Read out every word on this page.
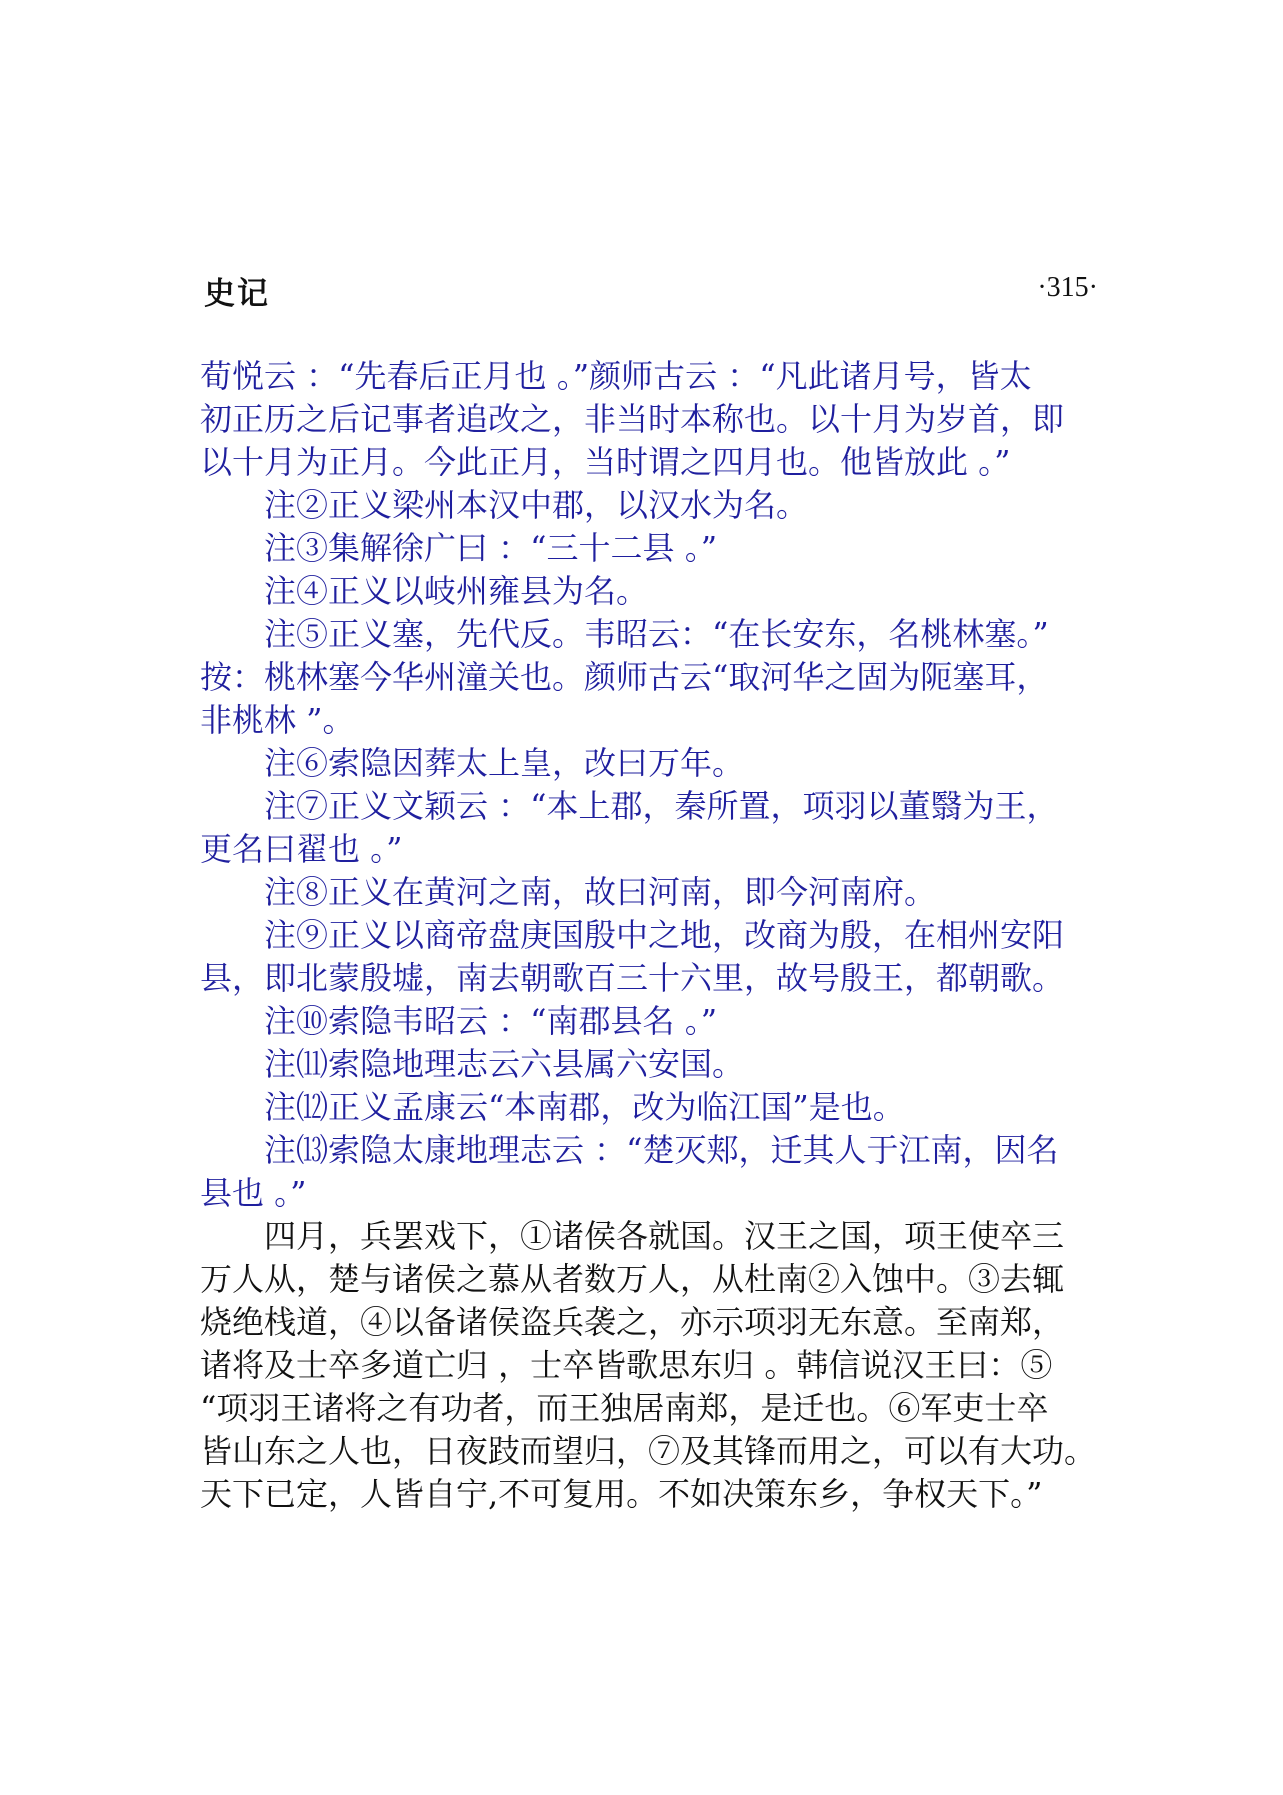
史记	·315·
荀悦云 ：“先春后正月也 。”颜师古云 ：“凡此诸月号，皆太
初正历之后记事者追改之，非当时本称也。以十月为岁首，即
以十月为正月。今此正月，当时谓之四月也。他皆放此 。”
注②正义梁州本汉中郡，以汉水为名。
注③集解徐广曰 ：“三十二县 。”
注④正义以岐州雍县为名。
注⑤正义塞，先代反。韦昭云：“在长安东，名桃林塞。”
按：桃林塞今华州潼关也。颜师古云“取河华之固为阨塞耳，
非桃林 ”。
注⑥索隐因葬太上皇，改曰万年。
注⑦正义文颖云 ：“本上郡，秦所置，项羽以董翳为王，
更名曰翟也 。”
注⑧正义在黄河之南，故曰河南，即今河南府。
注⑨正义以商帝盘庚国殷中之地，改商为殷，在相州安阳
县，即北蒙殷墟，南去朝歌百三十六里，故号殷王，都朝歌。
注⑩索隐韦昭云 ：“南郡县名 。”
注⑾索隐地理志云六县属六安国。
注⑿正义孟康云“本南郡，改为临江国”是也。
注⒀索隐太康地理志云 ：“楚灭郏，迁其人于江南，因名
县也 。”
四月，兵罢戏下，①诸侯各就国。汉王之国，项王使卒三
万人从，楚与诸侯之慕从者数万人，从杜南②入蚀中。③去辄
烧绝栈道，④以备诸侯盗兵袭之，亦示项羽无东意。至南郑，
诸将及士卒多道亡归 ，士卒皆歌思东归 。韩信说汉王曰：⑤
“项羽王诸将之有功者，而王独居南郑，是迁也。⑥军吏士卒
皆山东之人也，日夜跂而望归，⑦及其锋而用之，可以有大功。
天下已定，人皆自宁,不可复用。不如决策东乡，争权天下。”
